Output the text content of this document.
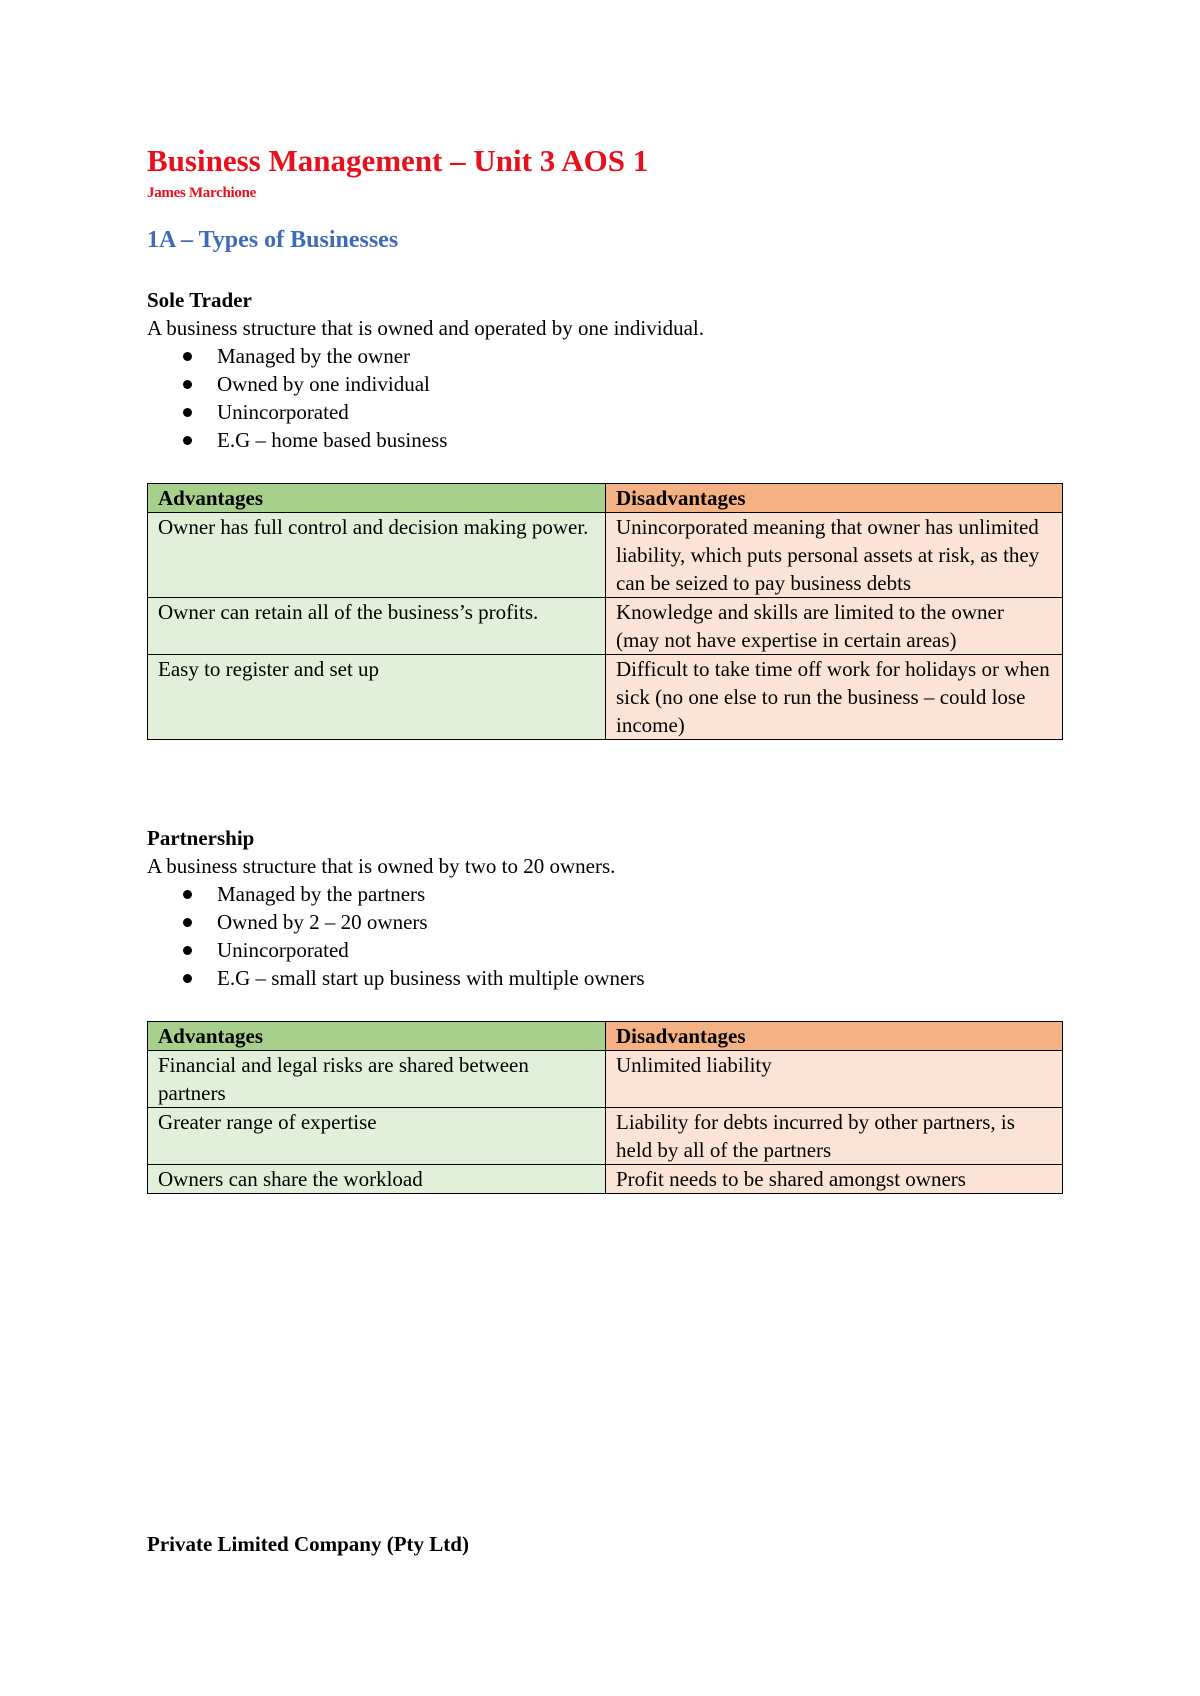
Business Management – Unit 3 AOS 1

James Marchione

1A – Types of Businesses

Sole Trader

A business structure that is owned and operated by one individual.

Managed by the owner
Owned by one individual
Unincorporated
E.G – home based business
Advantages	Disadvantages
Owner has full control and decision making power.	Unincorporated meaning that owner has unlimited liability, which puts personal assets at risk, as they can be seized to pay business debts
Owner can retain all of the business’s profits.	Knowledge and skills are limited to the owner (may not have expertise in certain areas)
Easy to register and set up	Difficult to take time off work for holidays or when sick (no one else to run the business – could lose income)

Partnership

A business structure that is owned by two to 20 owners.

Managed by the partners
Owned by 2 – 20 owners
Unincorporated
E.G – small start up business with multiple owners
Advantages	Disadvantages
Financial and legal risks are shared between partners	Unlimited liability
Greater range of expertise	Liability for debts incurred by other partners, is held by all of the partners
Owners can share the workload	Profit needs to be shared amongst owners

Private Limited Company (Pty Ltd)
